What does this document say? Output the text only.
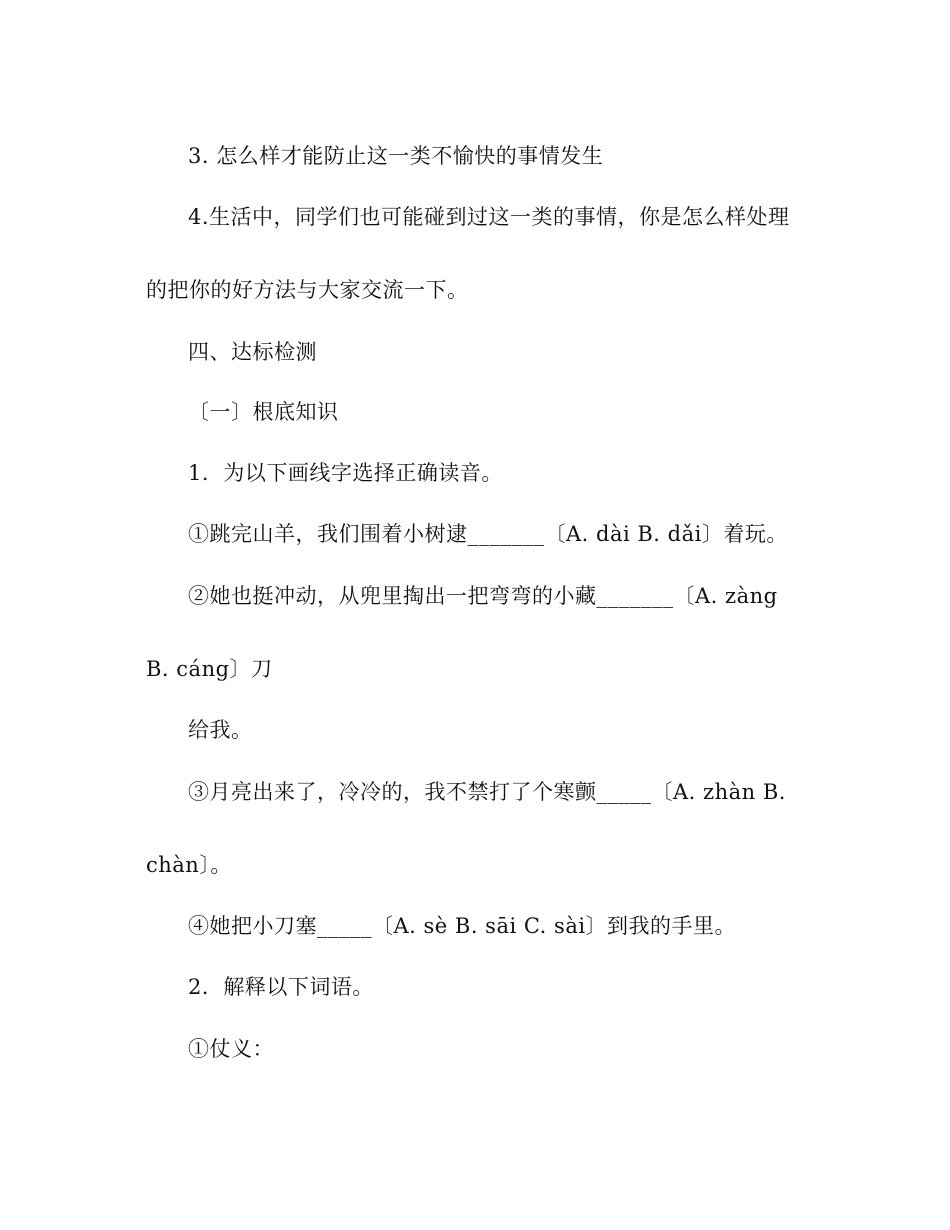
3. 怎么样才能防止这一类不愉快的事情发生
4.生活中，同学们也可能碰到过这一类的事情，你是怎么样处理
的把你的好方法与大家交流一下。
四、达标检测
〔一〕根底知识
1．为以下画线字选择正确读音。
①跳完山羊，我们围着小树逮_______〔A. dài B. dǎi〕着玩。
②她也挺冲动，从兜里掏出一把弯弯的小藏_______〔A. zàng
B. cáng〕刀
给我。
③月亮出来了，冷冷的，我不禁打了个寒颤_____〔A. zhàn B.
chàn〕。
④她把小刀塞_____〔A. sè B. sāi C. sài〕到我的手里。
2．解释以下词语。
①仗义：
